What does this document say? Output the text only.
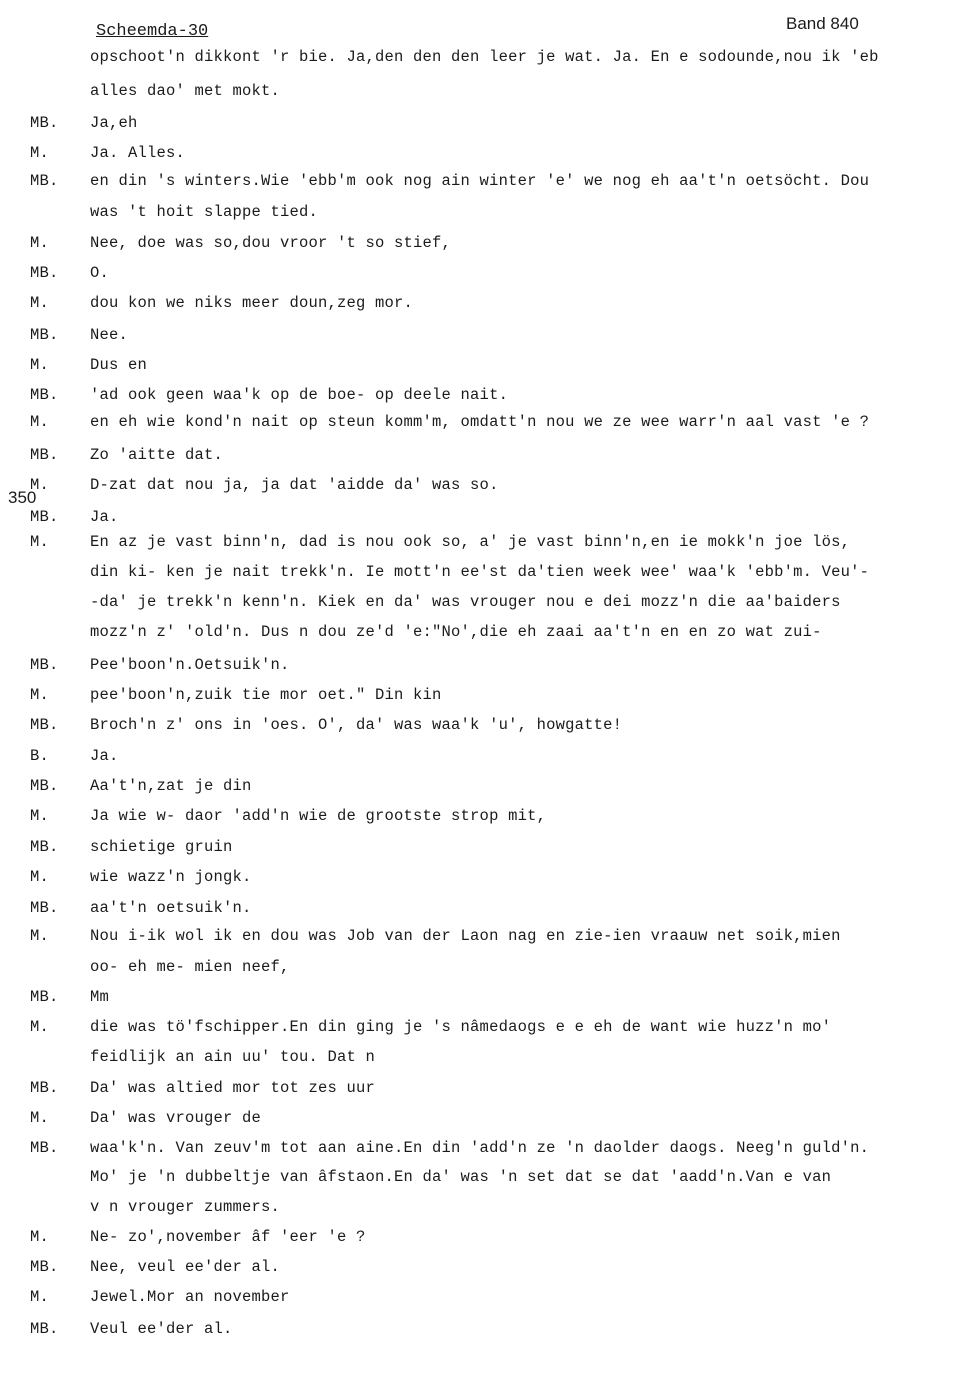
Scheemda-30	Band 840
350
opschoot'n dikkont 'r bie. Ja,den den den leer je wat. Ja. En e sodounde,nou ik 'eb
alles dao' met mokt.
MB. Ja,eh
M.	Ja. Alles.
MB. en din 's winters.Wie 'ebb'm ook nog ain winter 'e' we nog eh aa't'n oetsöcht. Dou
was 't hoit slappe tied.
M.	Nee, doe was so,dou vroor 't so stief,
MB. O.
M.	dou kon we niks meer doun,zeg mor.
MB. Nee.
M.	Dus en
MB. 'ad ook geen waa'k op de boe- op deele nait.
M.	en eh wie kond'n nait op steun komm'm, omdatt'n nou we ze wee warr'n aal vast 'e ?
MB. Zo 'aitte dat.
M.	D-zat dat nou ja, ja dat 'aidde da' was so.
MB. Ja.
M.	En az je vast binn'n, dad is nou ook so, a' je vast binn'n,en ie mokk'n joe lös,
din ki- ken je nait trekk'n. Ie mott'n ee'st da'tien week wee' waa'k 'ebb'm. Veu'-
-da' je trekk'n kenn'n. Kiek en da' was vrouger nou e dei mozz'n die aa'baiders
mozz'n z' 'old'n. Dus n dou ze'd 'e:"No',die eh zaai aa't'n en en zo wat zui-
MB. Pee'boon'n.Oetsuik'n.
M.	pee'boon'n,zuik tie mor oet." Din kin
MB. Broch'n z' ons in 'oes. O', da' was waa'k 'u', howgatte!
B.	Ja.
MB. Aa't'n,zat je din
M.	Ja wie w- daor 'add'n wie de grootste strop mit,
MB. schietige gruin
M.	wie wazz'n jongk.
MB. aa't'n oetsuik'n.
M.	Nou i-ik wol ik en dou was Job van der Laon nag en zie-ien vraauw net soik,mien
oo- eh me- mien neef,
MB. Mm
M.	die was tö'fschipper.En din ging je 's nâmedaogs e e eh de want wie huzz'n mo'
feidlijk an ain uu' tou. Dat n
MB. Da' was altied mor tot zes uur
M.	Da' was vrouger de
MB. waa'k'n. Van zeuv'm tot aan aine.En din 'add'n ze 'n daolder daogs. Neeg'n guld'n.
Mo' je 'n dubbeltje van âfstaon.En da' was 'n set dat se dat 'aadd'n.Van e van
v n vrouger zummers.
M.	Ne- zo',november âf 'eer 'e ?
MB. Nee, veul ee'der al.
M.	Jewel.Mor an november
MB. Veul ee'der al.
